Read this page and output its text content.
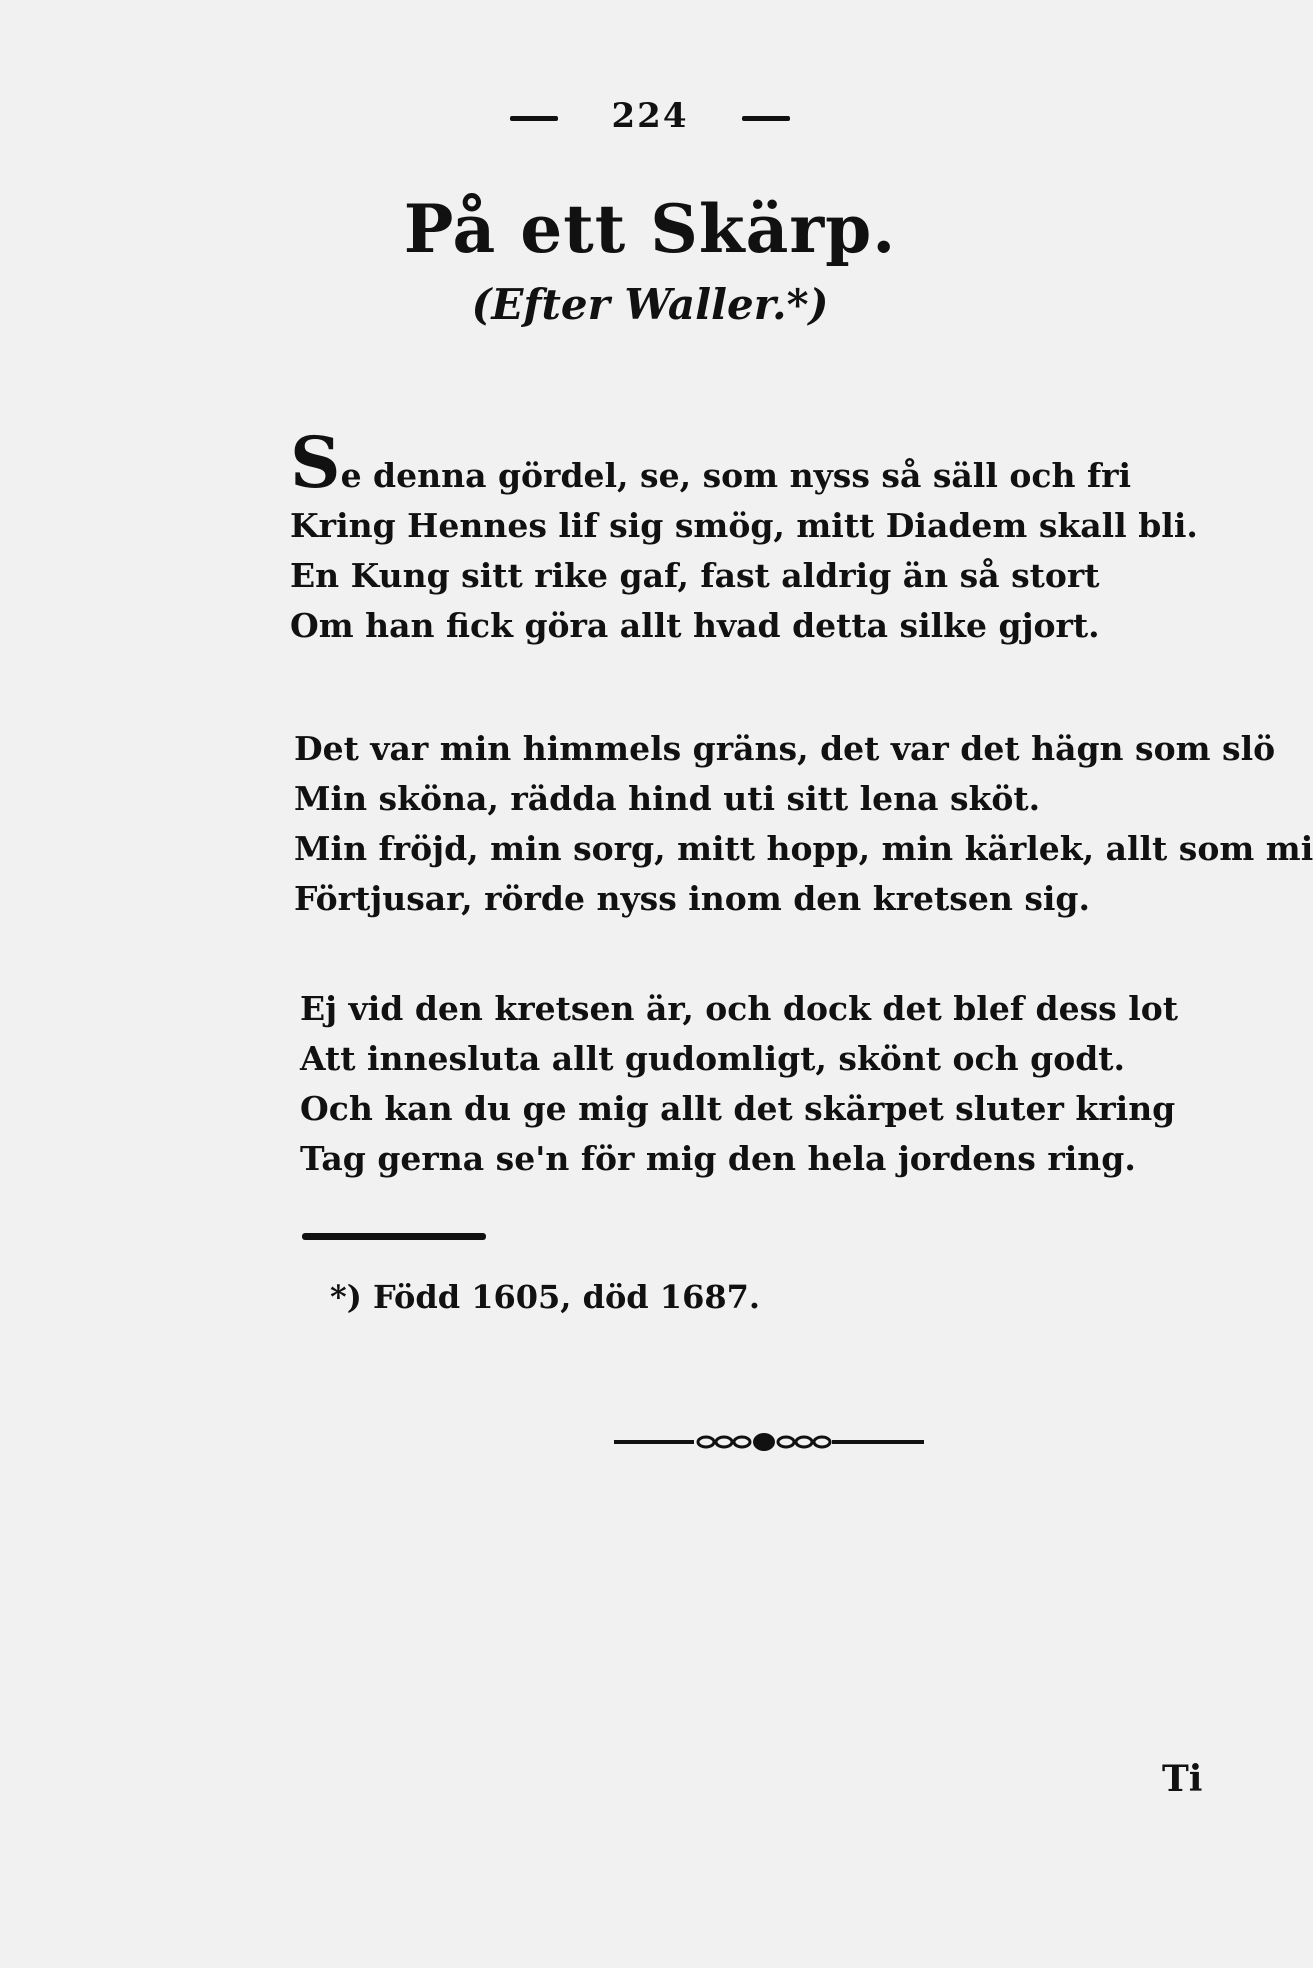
224
På ett Skärp.
(Efter Waller.*)
Se denna gördel, se, som nyss så säll och fri
Kring Hennes lif sig smög, mitt Diadem skall bli.
En Kung sitt rike gaf, fast aldrig än så stort
Om han fick göra allt hvad detta silke gjort.
Det var min himmels gräns, det var det hägn som slö
Min sköna, rädda hind uti sitt lena sköt.
Min fröjd, min sorg, mitt hopp, min kärlek, allt som mi
Förtjusar, rörde nyss inom den kretsen sig.
Ej vid den kretsen är, och dock det blef dess lot
Att innesluta allt gudomligt, skönt och godt.
Och kan du ge mig allt det skärpet sluter kring
Tag gerna se'n för mig den hela jordens ring.
*) Född 1605, död 1687.
Ti
